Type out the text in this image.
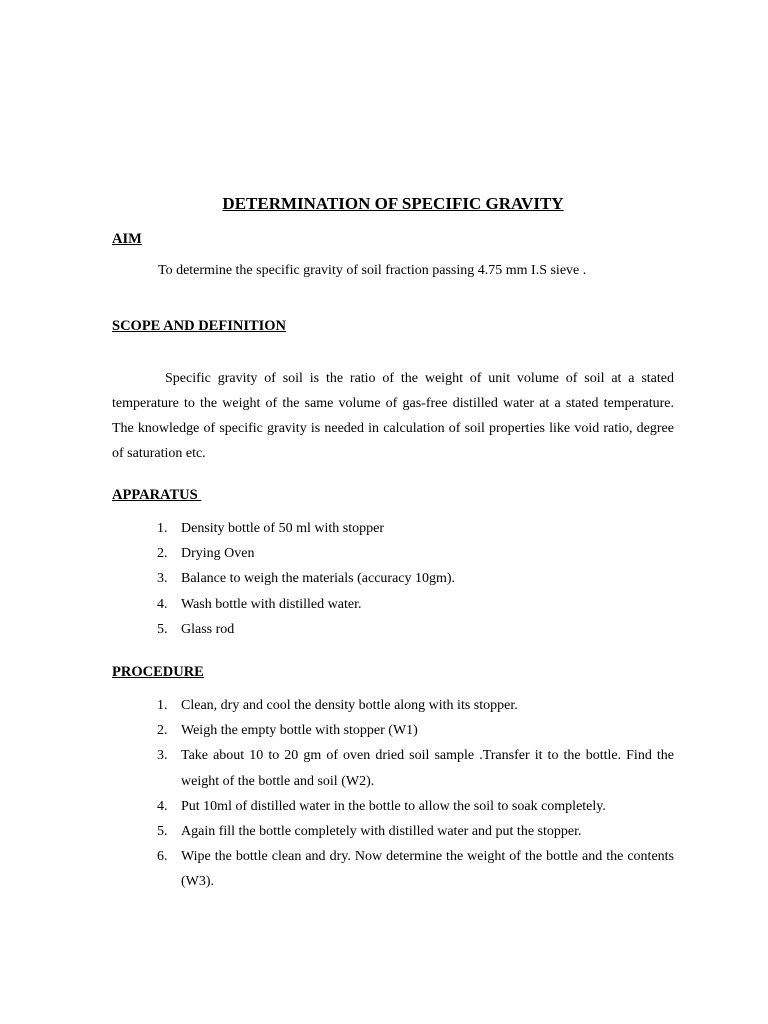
DETERMINATION OF SPECIFIC GRAVITY
AIM
To determine the specific gravity of soil fraction passing 4.75 mm I.S sieve .
SCOPE AND DEFINITION
Specific gravity of soil is the ratio of the weight of unit volume of soil at a stated temperature to the weight of the same volume of gas-free distilled water at a stated temperature. The knowledge of specific gravity is needed in calculation of soil properties like void ratio, degree of saturation etc.
APPARATUS
1. Density bottle of 50 ml with stopper
2. Drying Oven
3. Balance to weigh the materials (accuracy 10gm).
4. Wash bottle with distilled water.
5. Glass rod
PROCEDURE
1. Clean, dry and cool the density bottle along with its stopper.
2. Weigh the empty bottle with stopper (W1)
3. Take about 10 to 20 gm of oven dried soil sample .Transfer it to the bottle. Find the weight of the bottle and soil (W2).
4. Put 10ml of distilled water in the bottle to allow the soil to soak completely.
5. Again fill the bottle completely with distilled water and put the stopper.
6. Wipe the bottle clean and dry. Now determine the weight of the bottle and the contents (W3).
